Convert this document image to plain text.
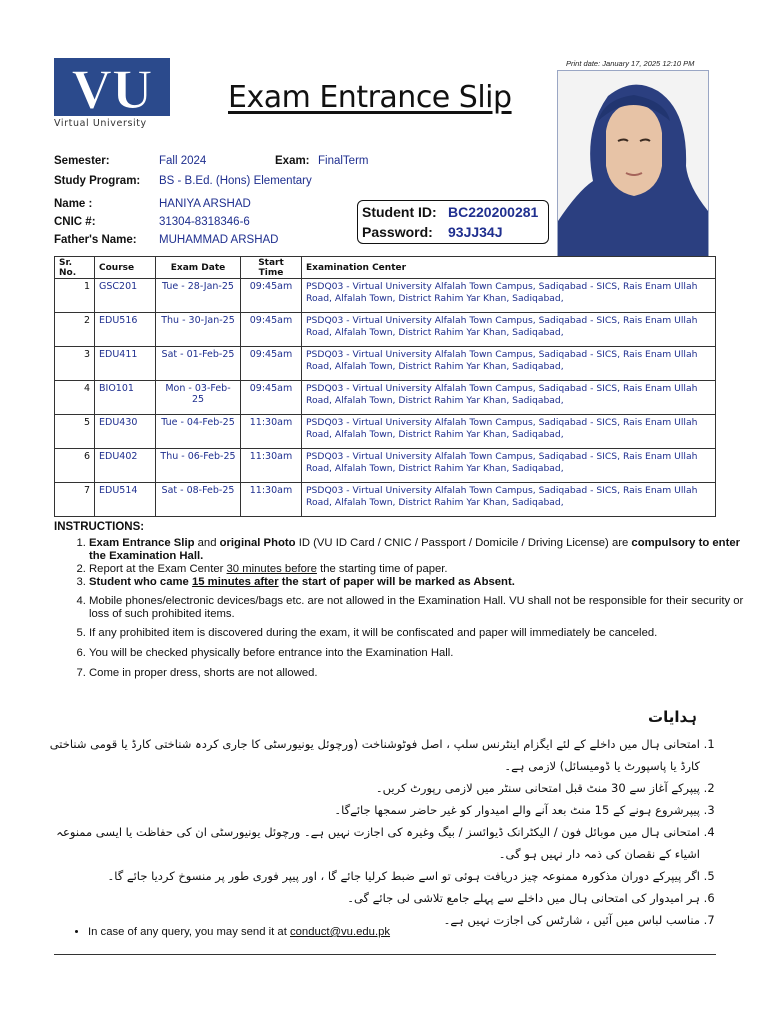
VU
Virtual University
Print date: January 17, 2025 12:10 PM
Exam Entrance Slip
Semester:	Fall 2024	Exam: FinalTerm
Study Program: BS - B.Ed. (Hons) Elementary
Name :	HANIYA ARSHAD
CNIC #:	31304-8318346-6
Father's Name: MUHAMMAD ARSHAD
Student ID: BC220200281
Password: 93JJ34J
Sr. No.	Course	Exam Date	Start Time	Examination Center
1	GSC201	Tue - 28-Jan-25	09:45am	PSDQ03 - Virtual University Alfalah Town Campus, Sadiqabad - SICS, Rais Enam Ullah Road, Alfalah Town, District Rahim Yar Khan, Sadiqabad,
2	EDU516	Thu - 30-Jan-25	09:45am	PSDQ03 - Virtual University Alfalah Town Campus, Sadiqabad - SICS, Rais Enam Ullah Road, Alfalah Town, District Rahim Yar Khan, Sadiqabad,
3	EDU411	Sat - 01-Feb-25	09:45am	PSDQ03 - Virtual University Alfalah Town Campus, Sadiqabad - SICS, Rais Enam Ullah Road, Alfalah Town, District Rahim Yar Khan, Sadiqabad,
4	BIO101	Mon - 03-Feb-25	09:45am	PSDQ03 - Virtual University Alfalah Town Campus, Sadiqabad - SICS, Rais Enam Ullah Road, Alfalah Town, District Rahim Yar Khan, Sadiqabad,
5	EDU430	Tue - 04-Feb-25	11:30am	PSDQ03 - Virtual University Alfalah Town Campus, Sadiqabad - SICS, Rais Enam Ullah Road, Alfalah Town, District Rahim Yar Khan, Sadiqabad,
6	EDU402	Thu - 06-Feb-25	11:30am	PSDQ03 - Virtual University Alfalah Town Campus, Sadiqabad - SICS, Rais Enam Ullah Road, Alfalah Town, District Rahim Yar Khan, Sadiqabad,
7	EDU514	Sat - 08-Feb-25	11:30am	PSDQ03 - Virtual University Alfalah Town Campus, Sadiqabad - SICS, Rais Enam Ullah Road, Alfalah Town, District Rahim Yar Khan, Sadiqabad,
INSTRUCTIONS:
1. Exam Entrance Slip and original Photo ID (VU ID Card / CNIC / Passport / Domicile / Driving License) are compulsory to enter the Examination Hall.
2. Report at the Exam Center 30 minutes before the starting time of paper.
3. Student who came 15 minutes after the start of paper will be marked as Absent.
4. Mobile phones/electronic devices/bags etc. are not allowed in the Examination Hall. VU shall not be responsible for their security or loss of such prohibited items.
5. If any prohibited item is discovered during the exam, it will be confiscated and paper will immediately be canceled.
6. You will be checked physically before entrance into the Examination Hall.
7. Come in proper dress, shorts are not allowed.
ہدایات
1. امتحانی ہال میں داخلے کے لئے ایگزام اینٹرنس سلپ ، اصل فوٹوشناخت (ورچوئل یونیورسٹی کا جاری کردہ شناختی کارڈ یا قومی شناختی کارڈ یا پاسپورٹ یا ڈومیسائل) لازمی ہے۔
2. پیپرکے آغاز سے 30 منٹ قبل امتحانی سنٹر میں لازمی رپورٹ کریں۔
3. پیپرشروع ہونے کے 15 منٹ بعد آنے والے امیدوار کو غیر حاضر سمجھا جائےگا۔
4. امتحانی ہال میں موبائل فون / الیکٹرانک ڈیوائسز / بیگ وغیرہ کی اجازت نہیں ہے۔ ورچوئل یونیورسٹی ان کی حفاظت یا ایسی ممنوعہ اشیاء کے نقصان کی ذمہ دار نہیں ہو گی۔
5. اگر پیپرکے دوران مذکورہ ممنوعہ چیز دریافت ہوئی تو اسے ضبط کرلیا جائے گا ، اور پیپر فوری طور پر منسوخ کردیا جائے گا۔
6. ہر امیدوار کی امتحانی ہال میں داخلے سے پہلے جامع تلاشی لی جائے گی۔
7. مناسب لباس میں آئیں ، شارٹس کی اجازت نہیں ہے۔
• In case of any query, you may send it at conduct@vu.edu.pk
